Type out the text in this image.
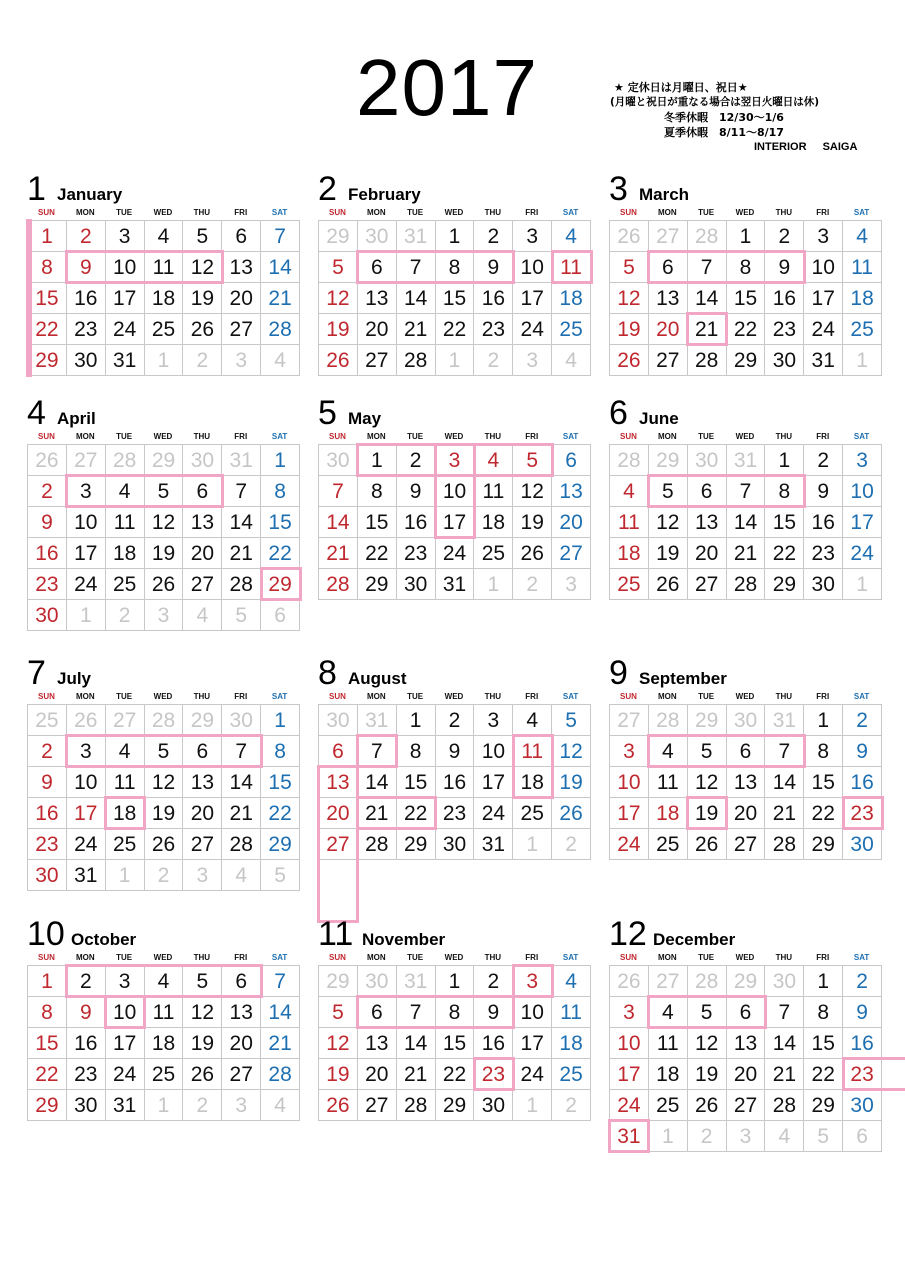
2017	★ 定休日は月曜日、祝日★
(月曜と祝日が重なる場合は翌日火曜日は休)
冬季休暇　12/30～1/6
夏季休暇　8/11～8/17
INTERIOR SAIGA
1 January
SUN	MON	TUE	WED	THU	FRI	SAT
1	2	3	4	5	6	7
8	9	10 11 12 13 14
15 16 17 18 19 20 21
22 23 24 25 26 27 28
29 30 31	1	2	3	4
2 February
SUN	MON	TUE	WED	THU	FRI	SAT
29 30 31	1	2	3	4
5	6	7	8	9	10 11
12 13 14 15 16 17 18
19 20 21 22 23 24 25
26 27 28	1	2	3	4
3 March
SUN	MON	TUE	WED	THU	FRI	SAT
26 27 28	1	2	3	4
5	6	7	8	9	10 11
12 13 14 15 16 17 18
19 20 21 22 23 24 25
26 27 28 29 30 31	1
4 April
SUN	MON	TUE	WED	THU	FRI	SAT
26 27 28 29 30 31	1
2	3	4	5	6	7	8
9	10 11 12 13 14 15
16 17 18 19 20 21 22
23 24 25 26 27 28 29
30	1	2	3	4	5	6
5 May
SUN	MON	TUE	WED	THU	FRI	SAT
30	1	2	3	4	5	6
7	8	9	10 11 12 13
14 15 16 17 18 19 20
21 22 23 24 25 26 27
28 29 30 31	1	2	3
6 June
SUN	MON	TUE	WED	THU	FRI	SAT
28 29 30 31	1	2	3
4	5	6	7	8	9	10
11 12 13 14 15 16 17
18 19 20 21 22 23 24
25 26 27 28 29 30	1
7 July
SUN	MON	TUE	WED	THU	FRI	SAT
25 26 27 28 29 30	1
2	3	4	5	6	7	8
9	10 11 12 13 14 15
16 17 18 19 20 21 22
23 24 25 26 27 28 29
30 31	1	2	3	4	5
8 August
SUN	MON	TUE	WED	THU	FRI	SAT
30 31	1	2	3	4	5
6	7	8	9	10 11 12
13 14 15 16 17 18 19
20 21 22 23 24 25 26
27 28 29 30 31	1	2
9 September
SUN	MON	TUE	WED	THU	FRI	SAT
27 28 29 30 31	1	2
3	4	5	6	7	8	9
10 11 12 13 14 15 16
17 18 19 20 21 22 23
24 25 26 27 28 29 30
10 October
SUN	MON	TUE	WED	THU	FRI	SAT
1	2	3	4	5	6	7
8	9	10 11 12 13 14
15 16 17 18 19 20 21
22 23 24 25 26 27 28
29 30 31	1	2	3	4
11 November
SUN	MON	TUE	WED	THU	FRI	SAT
29 30 31	1	2	3	4
5	6	7	8	9	10 11
12 13 14 15 16 17 18
19 20 21 22 23 24 25
26 27 28 29 30	1	2
12 December
SUN	MON	TUE	WED	THU	FRI	SAT
26 27 28 29 30	1	2
3	4	5	6	7	8	9
10 11 12 13 14 15 16
17 18 19 20 21 22 23
24 25 26 27 28 29 30
31	1	2	3	4	5	6
